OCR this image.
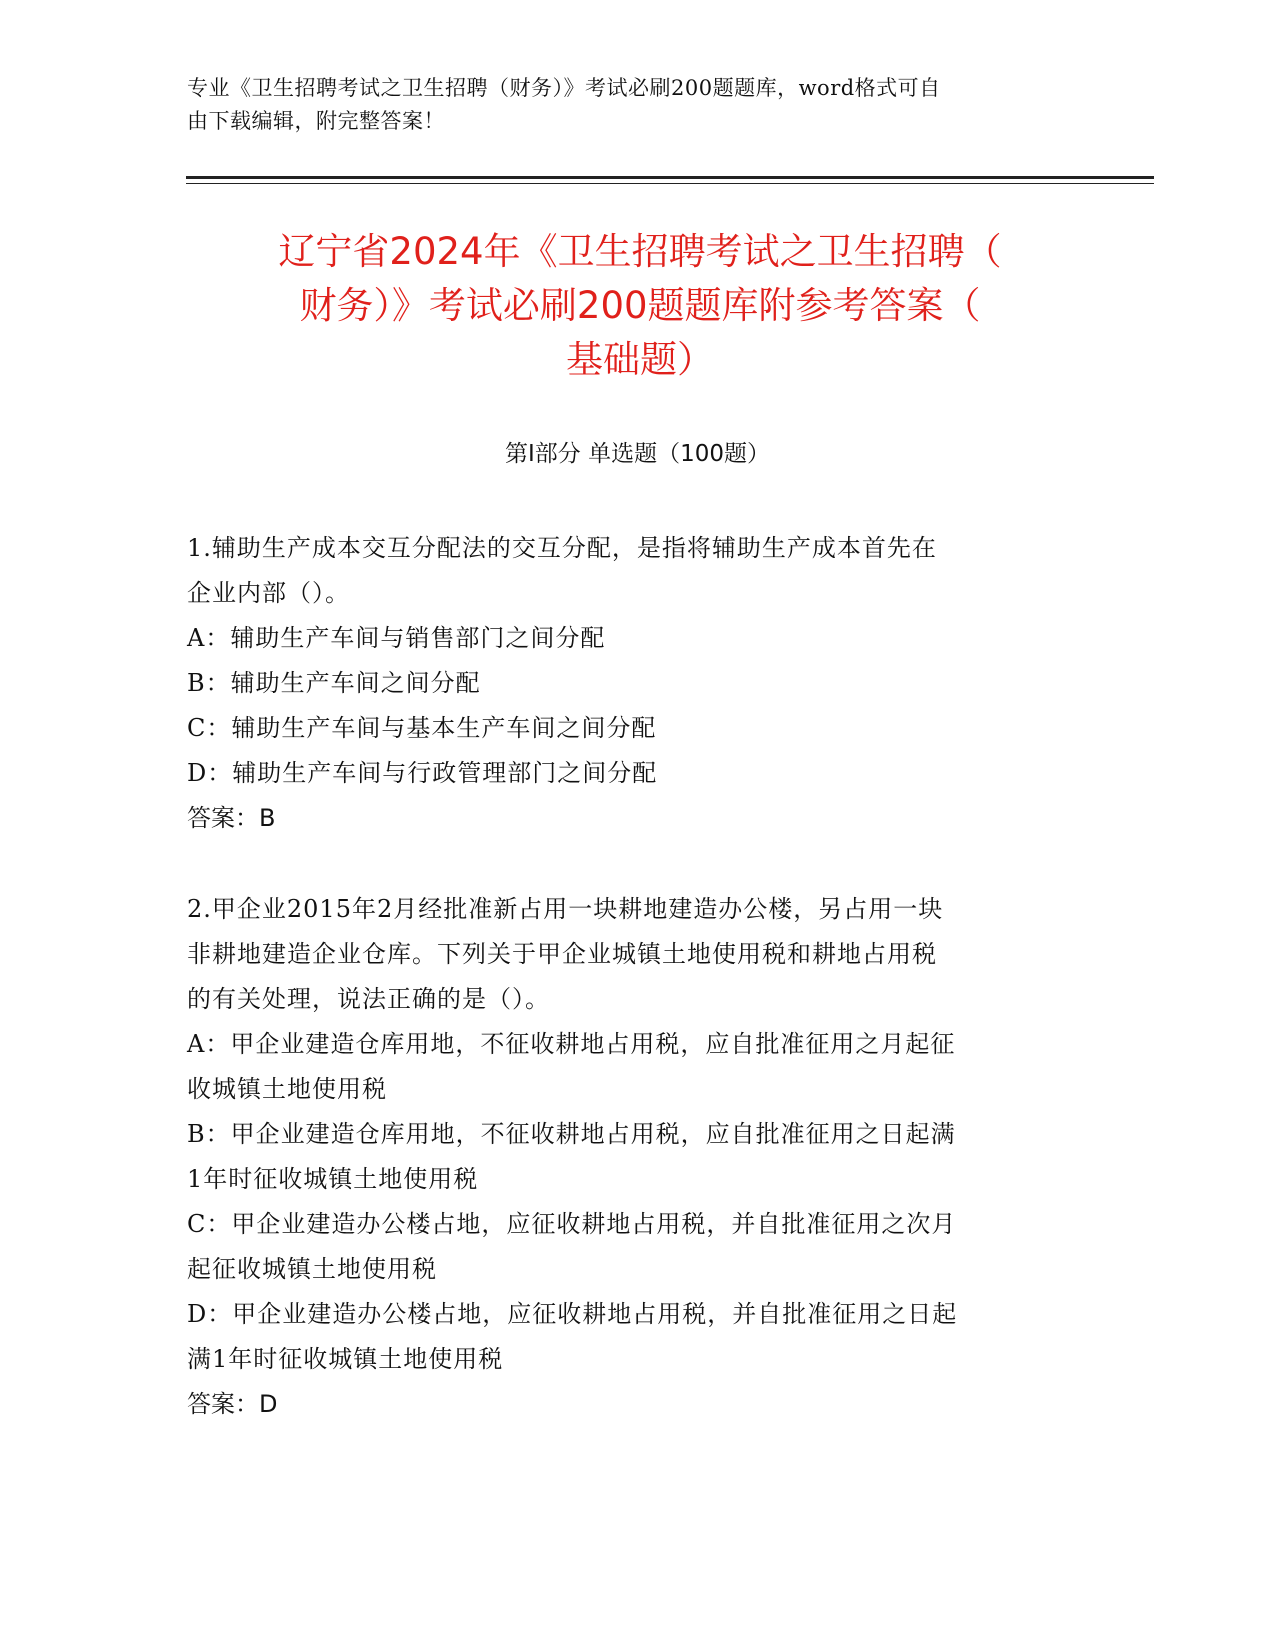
专业《卫生招聘考试之卫生招聘（财务）》考试必刷200题题库，word格式可自
由下载编辑，附完整答案！
辽宁省2024年《卫生招聘考试之卫生招聘（
财务）》考试必刷200题题库附参考答案（
基础题）
第Ⅰ部分 单选题（100题）

1.辅助生产成本交互分配法的交互分配，是指将辅助生产成本首先在

企业内部（）。

A：辅助生产车间与销售部门之间分配

B：辅助生产车间之间分配

C：辅助生产车间与基本生产车间之间分配

D：辅助生产车间与行政管理部门之间分配

答案：B

2.甲企业2015年2月经批准新占用一块耕地建造办公楼，另占用一块

非耕地建造企业仓库。下列关于甲企业城镇土地使用税和耕地占用税

的有关处理，说法正确的是（）。

A：甲企业建造仓库用地，不征收耕地占用税，应自批准征用之月起征

收城镇土地使用税

B：甲企业建造仓库用地，不征收耕地占用税，应自批准征用之日起满

1年时征收城镇土地使用税

C：甲企业建造办公楼占地，应征收耕地占用税，并自批准征用之次月

起征收城镇土地使用税

D：甲企业建造办公楼占地，应征收耕地占用税，并自批准征用之日起

满1年时征收城镇土地使用税

答案：D
